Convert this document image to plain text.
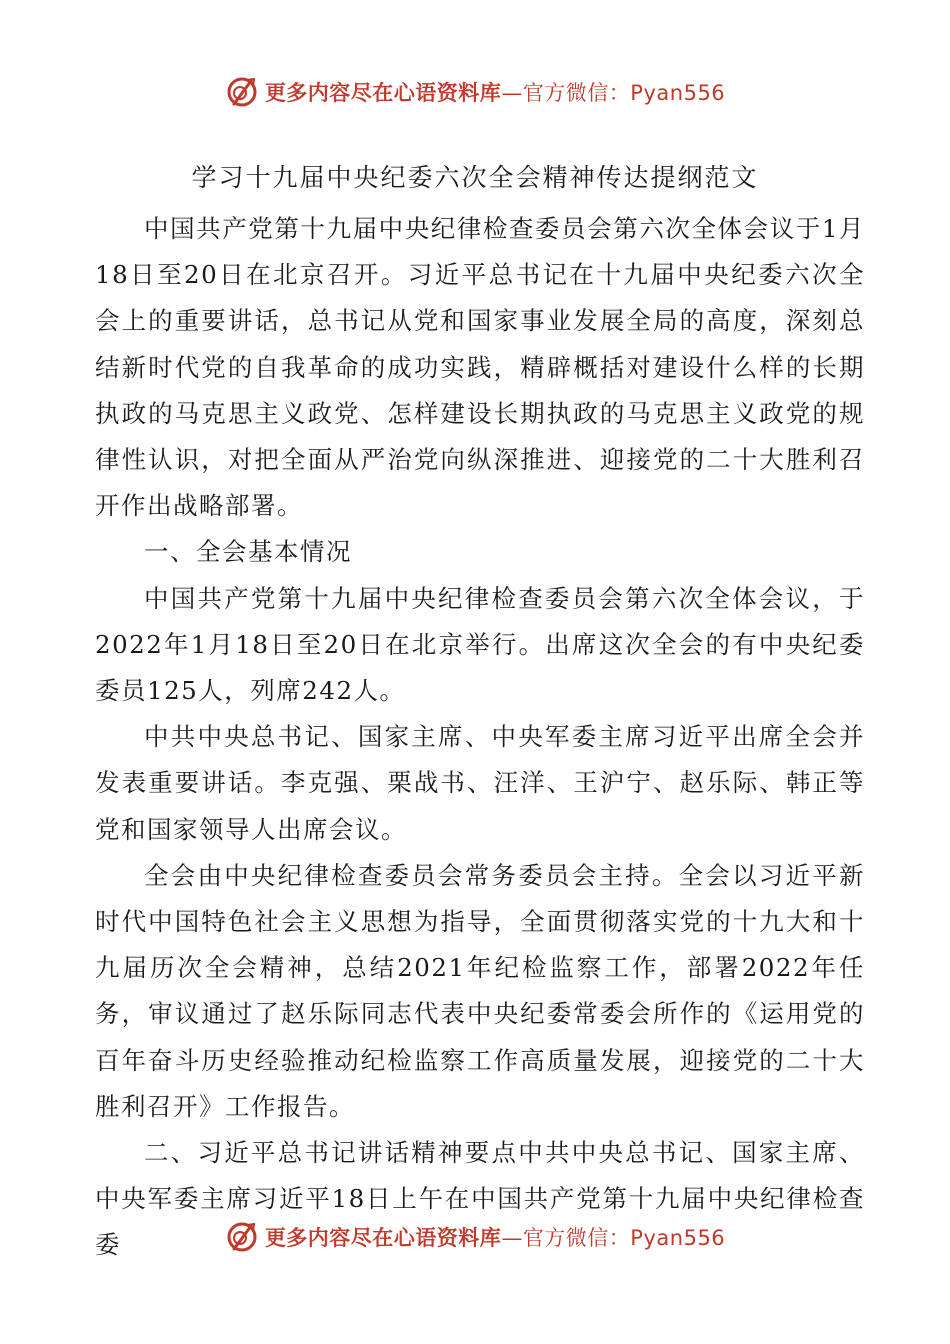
更多内容尽在心语资料库—官方微信：Pyan556
学习十九届中央纪委六次全会精神传达提纲范文

中国共产党第十九届中央纪律检查委员会第六次全体会议于1月18日至20日在北京召开。习近平总书记在十九届中央纪委六次全会上的重要讲话，总书记从党和国家事业发展全局的高度，深刻总结新时代党的自我革命的成功实践，精辟概括对建设什么样的长期执政的马克思主义政党、怎样建设长期执政的马克思主义政党的规律性认识，对把全面从严治党向纵深推进、迎接党的二十大胜利召开作出战略部署。

一、全会基本情况

中国共产党第十九届中央纪律检查委员会第六次全体会议，于2022年1月18日至20日在北京举行。出席这次全会的有中央纪委委员125人，列席242人。

中共中央总书记、国家主席、中央军委主席习近平出席全会并发表重要讲话。李克强、栗战书、汪洋、王沪宁、赵乐际、韩正等党和国家领导人出席会议。

全会由中央纪律检查委员会常务委员会主持。全会以习近平新时代中国特色社会主义思想为指导，全面贯彻落实党的十九大和十九届历次全会精神，总结2021年纪检监察工作，部署2022年任务，审议通过了赵乐际同志代表中央纪委常委会所作的《运用党的百年奋斗历史经验推动纪检监察工作高质量发展，迎接党的二十大胜利召开》工作报告。

二、习近平总书记讲话精神要点中共中央总书记、国家主席、中央军委主席习近平18日上午在中国共产党第十九届中央纪律检查委	更多内容尽在心语资料库—官方微信：Pyan556
